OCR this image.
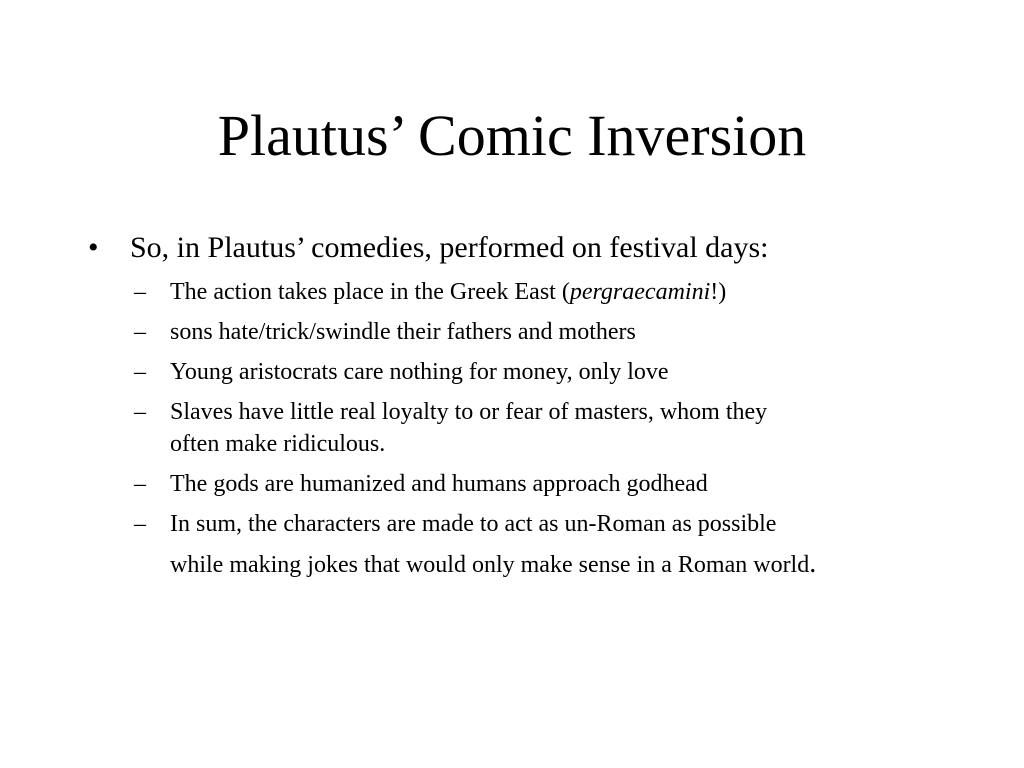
Plautus’ Comic Inversion
•	So, in Plautus’ comedies, performed on festival days:
–	The action takes place in the Greek East (pergraecamini!)
–	sons hate/trick/swindle their fathers and mothers
–	Young aristocrats care nothing for money, only love
–	Slaves have little real loyalty to or fear of masters, whom they
often make ridiculous.
–	The gods are humanized and humans approach godhead
–	In sum, the characters are made to act as un-Roman as possible
while making jokes that would only make sense in a Roman world.
